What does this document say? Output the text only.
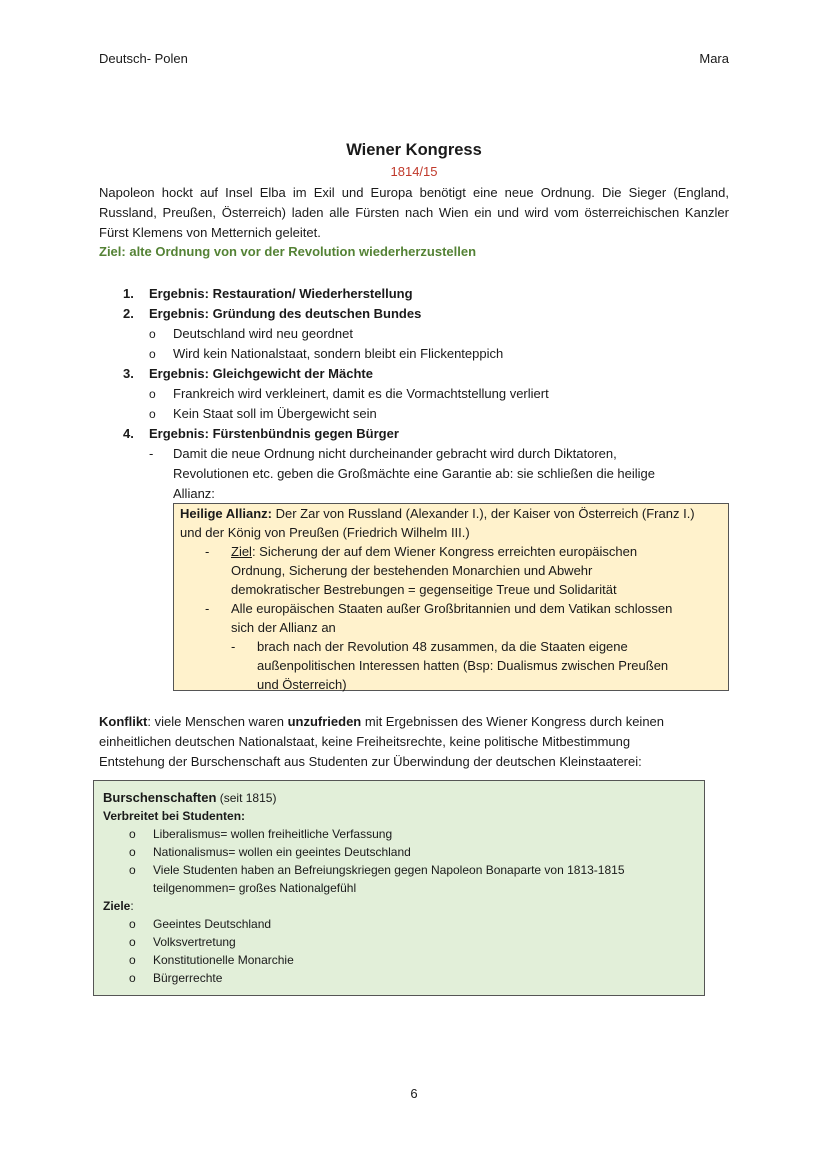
Deutsch- Polen	Mara
Wiener Kongress
1814/15
Napoleon hockt auf Insel Elba im Exil und Europa benötigt eine neue Ordnung. Die Sieger (England, Russland, Preußen, Österreich) laden alle Fürsten nach Wien ein und wird vom österreichischen Kanzler Fürst Klemens von Metternich geleitet.
Ziel: alte Ordnung von vor der Revolution wiederherzustellen
1. Ergebnis: Restauration/ Wiederherstellung
2. Ergebnis: Gründung des deutschen Bundes
o Deutschland wird neu geordnet
o Wird kein Nationalstaat, sondern bleibt ein Flickenteppich
3. Ergebnis: Gleichgewicht der Mächte
o Frankreich wird verkleinert, damit es die Vormachtstellung verliert
o Kein Staat soll im Übergewicht sein
4. Ergebnis: Fürstenbündnis gegen Bürger
- Damit die neue Ordnung nicht durcheinander gebracht wird durch Diktatoren,
Revolutionen etc. geben die Großmächte eine Garantie ab: sie schließen die heilige
Allianz:
Heilige Allianz: Der Zar von Russland (Alexander I.), der Kaiser von Österreich (Franz I.)
und der König von Preußen (Friedrich Wilhelm III.)
- Ziel: Sicherung der auf dem Wiener Kongress erreichten europäischen
Ordnung, Sicherung der bestehenden Monarchien und Abwehr
demokratischer Bestrebungen = gegenseitige Treue und Solidarität
- Alle europäischen Staaten außer Großbritannien und dem Vatikan schlossen
sich der Allianz an
- brach nach der Revolution 48 zusammen, da die Staaten eigene
außenpolitischen Interessen hatten (Bsp: Dualismus zwischen Preußen
und Österreich)
Konflikt: viele Menschen waren unzufrieden mit Ergebnissen des Wiener Kongress durch keinen
einheitlichen deutschen Nationalstaat, keine Freiheitsrechte, keine politische Mitbestimmung
Entstehung der Burschenschaft aus Studenten zur Überwindung der deutschen Kleinstaaterei:
Burschenschaften (seit 1815)
Verbreitet bei Studenten:
o Liberalismus= wollen freiheitliche Verfassung
o Nationalismus= wollen ein geeintes Deutschland
o Viele Studenten haben an Befreiungskriegen gegen Napoleon Bonaparte von 1813-1815
teilgenommen= großes Nationalgefühl
Ziele:
o Geeintes Deutschland
o Volksvertretung
o Konstitutionelle Monarchie
o Bürgerrechte
6
